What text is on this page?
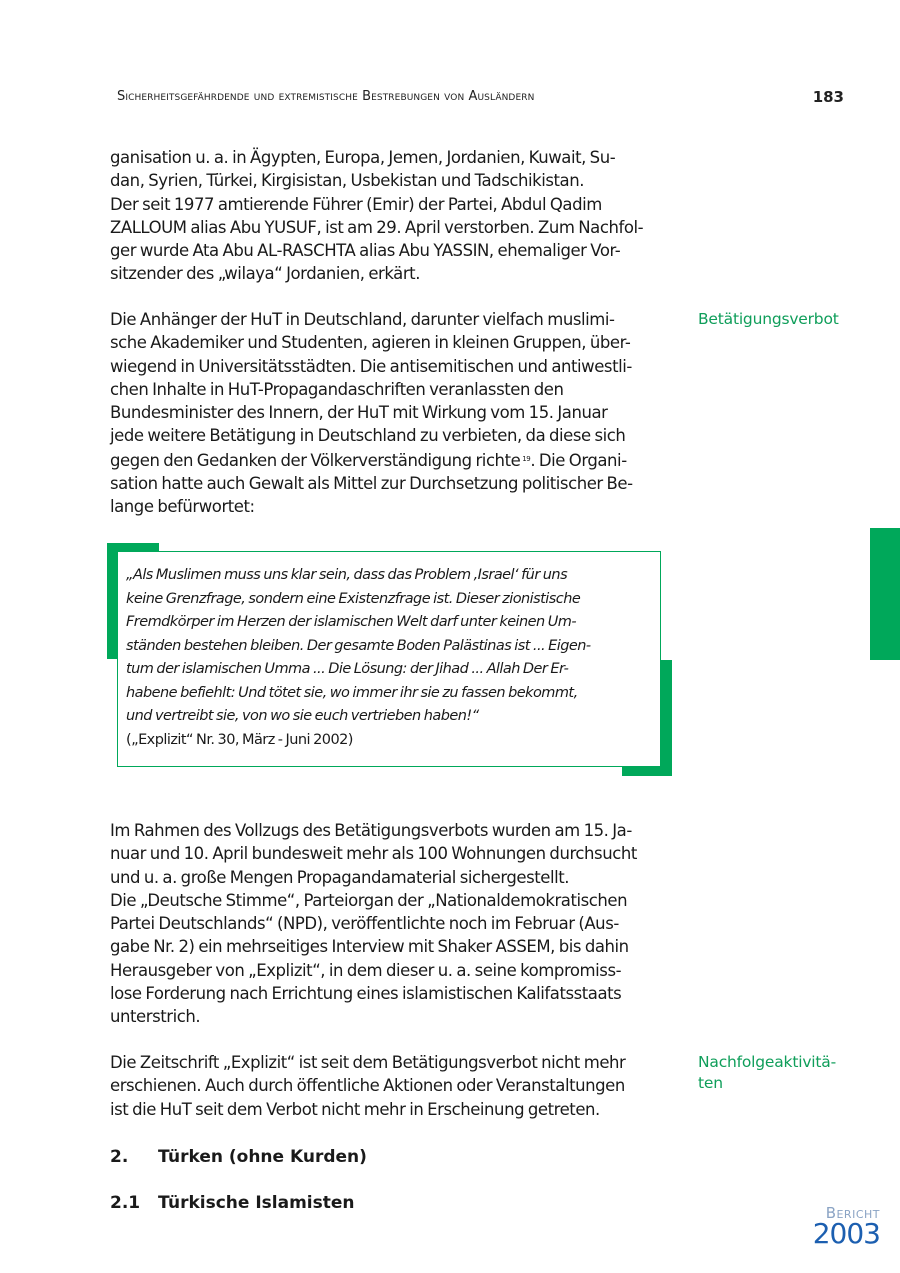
Sicherheitsgefährdende und extremistische Bestrebungen von Ausländern	183
ganisation u. a. in Ägypten, Europa, Jemen, Jordanien, Kuwait, Su-
dan, Syrien, Türkei, Kirgisistan, Usbekistan und Tadschikistan.
Der seit 1977 amtierende Führer (Emir) der Partei, Abdul Qadim
ZALLOUM alias Abu YUSUF, ist am 29. April verstorben. Zum Nachfol-
ger wurde Ata Abu AL-RASCHTA alias Abu YASSIN, ehemaliger Vor-
sitzender des „wilaya“ Jordanien, erkärt.
Die Anhänger der HuT in Deutschland, darunter vielfach muslimi-
sche Akademiker und Studenten, agieren in kleinen Gruppen, über-
wiegend in Universitätsstädten. Die antisemitischen und antiwestli-
chen Inhalte in HuT-Propagandaschriften veranlassten den
Bundesminister des Innern, der HuT mit Wirkung vom 15. Januar
jede weitere Betätigung in Deutschland zu verbieten, da diese sich
gegen den Gedanken der Völkerverständigung richte $^{19}$. Die Organi-
sation hatte auch Gewalt als Mittel zur Durchsetzung politischer Be-
lange befürwortet:
Betätigungsverbot
„Als Muslimen muss uns klar sein, dass das Problem ‚Israel‘ für uns
keine Grenzfrage, sondern eine Existenzfrage ist. Dieser zionistische
Fremdkörper im Herzen der islamischen Welt darf unter keinen Um-
ständen bestehen bleiben. Der gesamte Boden Palästinas ist ... Eigen-
tum der islamischen Umma ... Die Lösung: der Jihad ... Allah Der Er-
habene befiehlt: Und tötet sie, wo immer ihr sie zu fassen bekommt,
und vertreibt sie, von wo sie euch vertrieben haben!“
(„Explizit“ Nr. 30, März - Juni 2002)
Im Rahmen des Vollzugs des Betätigungsverbots wurden am 15. Ja-
nuar und 10. April bundesweit mehr als 100 Wohnungen durchsucht
und u. a. große Mengen Propagandamaterial sichergestellt.
Die „Deutsche Stimme“, Parteiorgan der „Nationaldemokratischen
Partei Deutschlands“ (NPD), veröffentlichte noch im Februar (Aus-
gabe Nr. 2) ein mehrseitiges Interview mit Shaker ASSEM, bis dahin
Herausgeber von „Explizit“, in dem dieser u. a. seine kompromiss-
lose Forderung nach Errichtung eines islamistischen Kalifatsstaats
unterstrich.
Die Zeitschrift „Explizit“ ist seit dem Betätigungsverbot nicht mehr
erschienen. Auch durch öffentliche Aktionen oder Veranstaltungen
ist die HuT seit dem Verbot nicht mehr in Erscheinung getreten.
Nachfolgeaktivitä-
ten
2. Türken (ohne Kurden)
2.1 Türkische Islamisten	Bericht
2003
